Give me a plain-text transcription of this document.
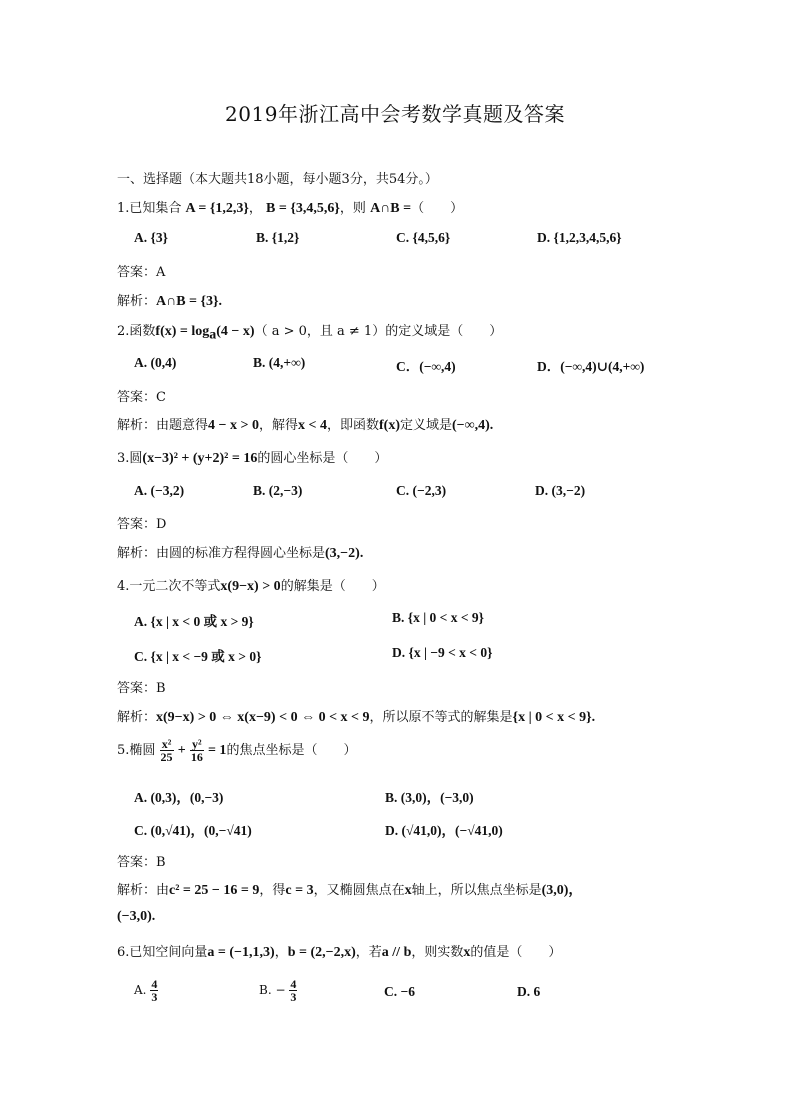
2019年浙江高中会考数学真题及答案
一、选择题（本大题共18小题，每小题3分，共54分。）
1.已知集合 A = {1,2,3}， B = {3,4,5,6}，则 A∩B =（　　）
A. {3}	B. {1,2}	C. {4,5,6}	D. {1,2,3,4,5,6}
答案：A
解析：A∩B = {3}.
2.函数$f(x) = \log_a(4 - x)$（ a > 0，且 a ≠ 1）的定义域是（　　）
A. (0,4)	B. (4,+∞)	C．(−∞,4)	D．(−∞,4)∪(4,+∞)
答案：C
解析：由题意得4 − x > 0，解得x < 4，即函数f(x)定义域是(−∞,4).
3.圆(x−3)² + (y+2)² = 16的圆心坐标是（　　）
A. (−3,2)	B. (2,−3)	C. (−2,3)	D. (3,−2)
答案：D
解析：由圆的标准方程得圆心坐标是(3,−2).
4.一元二次不等式x(9−x) > 0的解集是（　　）
A. {x | x < 0 或 x > 9}	B. {x | 0 < x < 9}
C. {x | x < −9 或 x > 0}	D. {x | −9 < x < 0}
答案：B
解析：x(9−x) > 0 ⇔ x(x−9) < 0 ⇔ 0 < x < 9，所以原不等式的解集是{x | 0 < x < 9}.
5.椭圆 $\frac{\text{x²}}{25} + \frac{\text{y²}}{16} = 1$的焦点坐标是（　　）
A. (0,3)，(0,−3)	B. (3,0)，(−3,0)
C. (0,√41)，(0,−√41)	D. (√41,0)，(−√41,0)
答案：B
解析：由c² = 25 − 16 = 9，得c = 3，又椭圆焦点在x轴上，所以焦点坐标是(3,0)，
(−3,0).
6.已知空间向量a = (−1,1,3)，b = (2,−2,x)，若a // b，则实数x的值是（　　）
A. $\frac{4}{3}$	B. − $\frac{4}{3}$	C. −6	D. 6
